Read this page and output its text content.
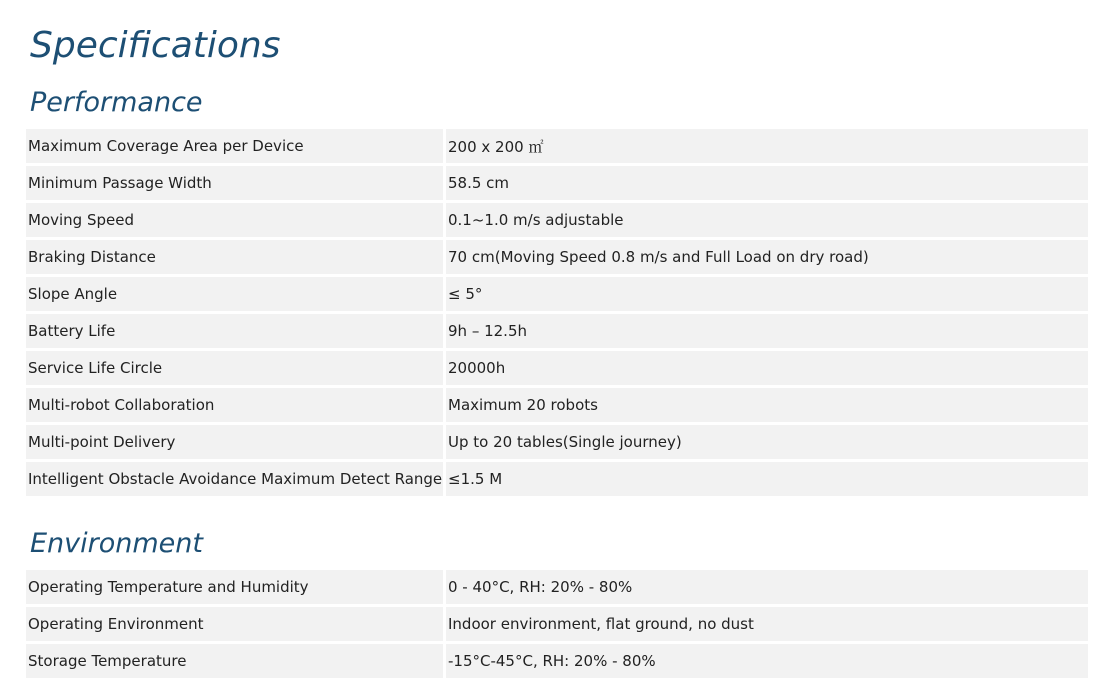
Specifications
Performance
Maximum Coverage Area per Device	200 x 200 ㎡
Minimum Passage Width	58.5 cm
Moving Speed	0.1~1.0 m/s adjustable
Braking Distance	70 cm(Moving Speed 0.8 m/s and Full Load on dry road)
Slope Angle	≤ 5°
Battery Life	9h – 12.5h
Service Life Circle	20000h
Multi-robot Collaboration	Maximum 20 robots
Multi-point Delivery	Up to 20 tables(Single journey)
Intelligent Obstacle Avoidance Maximum Detect Range	≤1.5 M
Environment
Operating Temperature and Humidity	0 - 40°C, RH: 20% - 80%
Operating Environment	Indoor environment, flat ground, no dust
Storage Temperature	-15°C-45°C, RH: 20% - 80%
